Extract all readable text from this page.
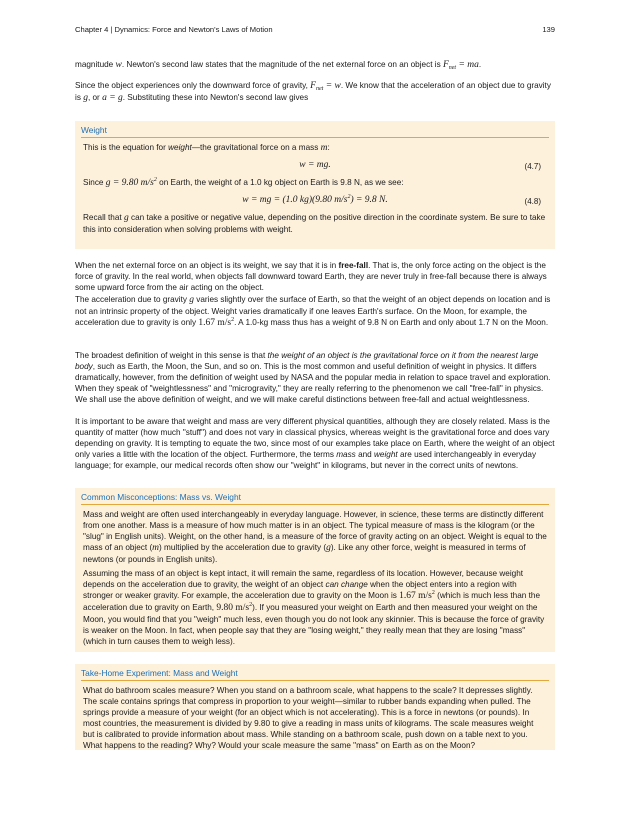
Chapter 4 | Dynamics: Force and Newton's Laws of Motion	139

magnitude w. Newton's second law states that the magnitude of the net external force on an object is $F_{net}$ = ma.

Since the object experiences only the downward force of gravity, $F_{net} = w$. We know that the acceleration of an object due to gravity is g, or a = g. Substituting these into Newton's second law gives

Weight

This is the equation for weight—the gravitational force on a mass m:

w = mg.	(4.7)

Since g = 9.80 $m/s^2$ on Earth, the weight of a 1.0 kg object on Earth is 9.8 N, as we see:

w = mg = (1.0 kg)(9.80 $m/s^2) = 9.8$ N.	(4.8)

Recall that g can take a positive or negative value, depending on the positive direction in the coordinate system. Be sure to take this into consideration when solving problems with weight.

When the net external force on an object is its weight, we say that it is in free-fall. That is, the only force acting on the object is the force of gravity. In the real world, when objects fall downward toward Earth, they are never truly in free-fall because there is always some upward force from the air acting on the object.

The acceleration due to gravity g varies slightly over the surface of Earth, so that the weight of an object depends on location and is not an intrinsic property of the object. Weight varies dramatically if one leaves Earth's surface. On the Moon, for example, the acceleration due to gravity is only 1.67 $m/s^2$. A 1.0-kg mass thus has a weight of 9.8 N on Earth and only about 1.7 N on the Moon.

The broadest definition of weight in this sense is that the weight of an object is the gravitational force on it from the nearest large body, such as Earth, the Moon, the Sun, and so on. This is the most common and useful definition of weight in physics. It differs dramatically, however, from the definition of weight used by NASA and the popular media in relation to space travel and exploration. When they speak of "weightlessness" and "microgravity," they are really referring to the phenomenon we call "free-fall" in physics. We shall use the above definition of weight, and we will make careful distinctions between free-fall and actual weightlessness.

It is important to be aware that weight and mass are very different physical quantities, although they are closely related. Mass is the quantity of matter (how much "stuff") and does not vary in classical physics, whereas weight is the gravitational force and does vary depending on gravity. It is tempting to equate the two, since most of our examples take place on Earth, where the weight of an object only varies a little with the location of the object. Furthermore, the terms mass and weight are used interchangeably in everyday language; for example, our medical records often show our "weight" in kilograms, but never in the correct units of newtons.

Common Misconceptions: Mass vs. Weight

Mass and weight are often used interchangeably in everyday language. However, in science, these terms are distinctly different from one another. Mass is a measure of how much matter is in an object. The typical measure of mass is the kilogram (or the "slug" in English units). Weight, on the other hand, is a measure of the force of gravity acting on an object. Weight is equal to the mass of an object (m) multiplied by the acceleration due to gravity (g). Like any other force, weight is measured in terms of newtons (or pounds in English units).

Assuming the mass of an object is kept intact, it will remain the same, regardless of its location. However, because weight depends on the acceleration due to gravity, the weight of an object can change when the object enters into a region with stronger or weaker gravity. For example, the acceleration due to gravity on the Moon is 1.67 $m/s^2$ (which is much less than the acceleration due to gravity on Earth, 9.80 $m/s^2$). If you measured your weight on Earth and then measured your weight on the Moon, you would find that you "weigh" much less, even though you do not look any skinnier. This is because the force of gravity is weaker on the Moon. In fact, when people say that they are "losing weight," they really mean that they are losing "mass" (which in turn causes them to weigh less).

Take-Home Experiment: Mass and Weight

What do bathroom scales measure? When you stand on a bathroom scale, what happens to the scale? It depresses slightly. The scale contains springs that compress in proportion to your weight—similar to rubber bands expanding when pulled. The springs provide a measure of your weight (for an object which is not accelerating). This is a force in newtons (or pounds). In most countries, the measurement is divided by 9.80 to give a reading in mass units of kilograms. The scale measures weight but is calibrated to provide information about mass. While standing on a bathroom scale, push down on a table next to you. What happens to the reading? Why? Would your scale measure the same "mass" on Earth as on the Moon?
